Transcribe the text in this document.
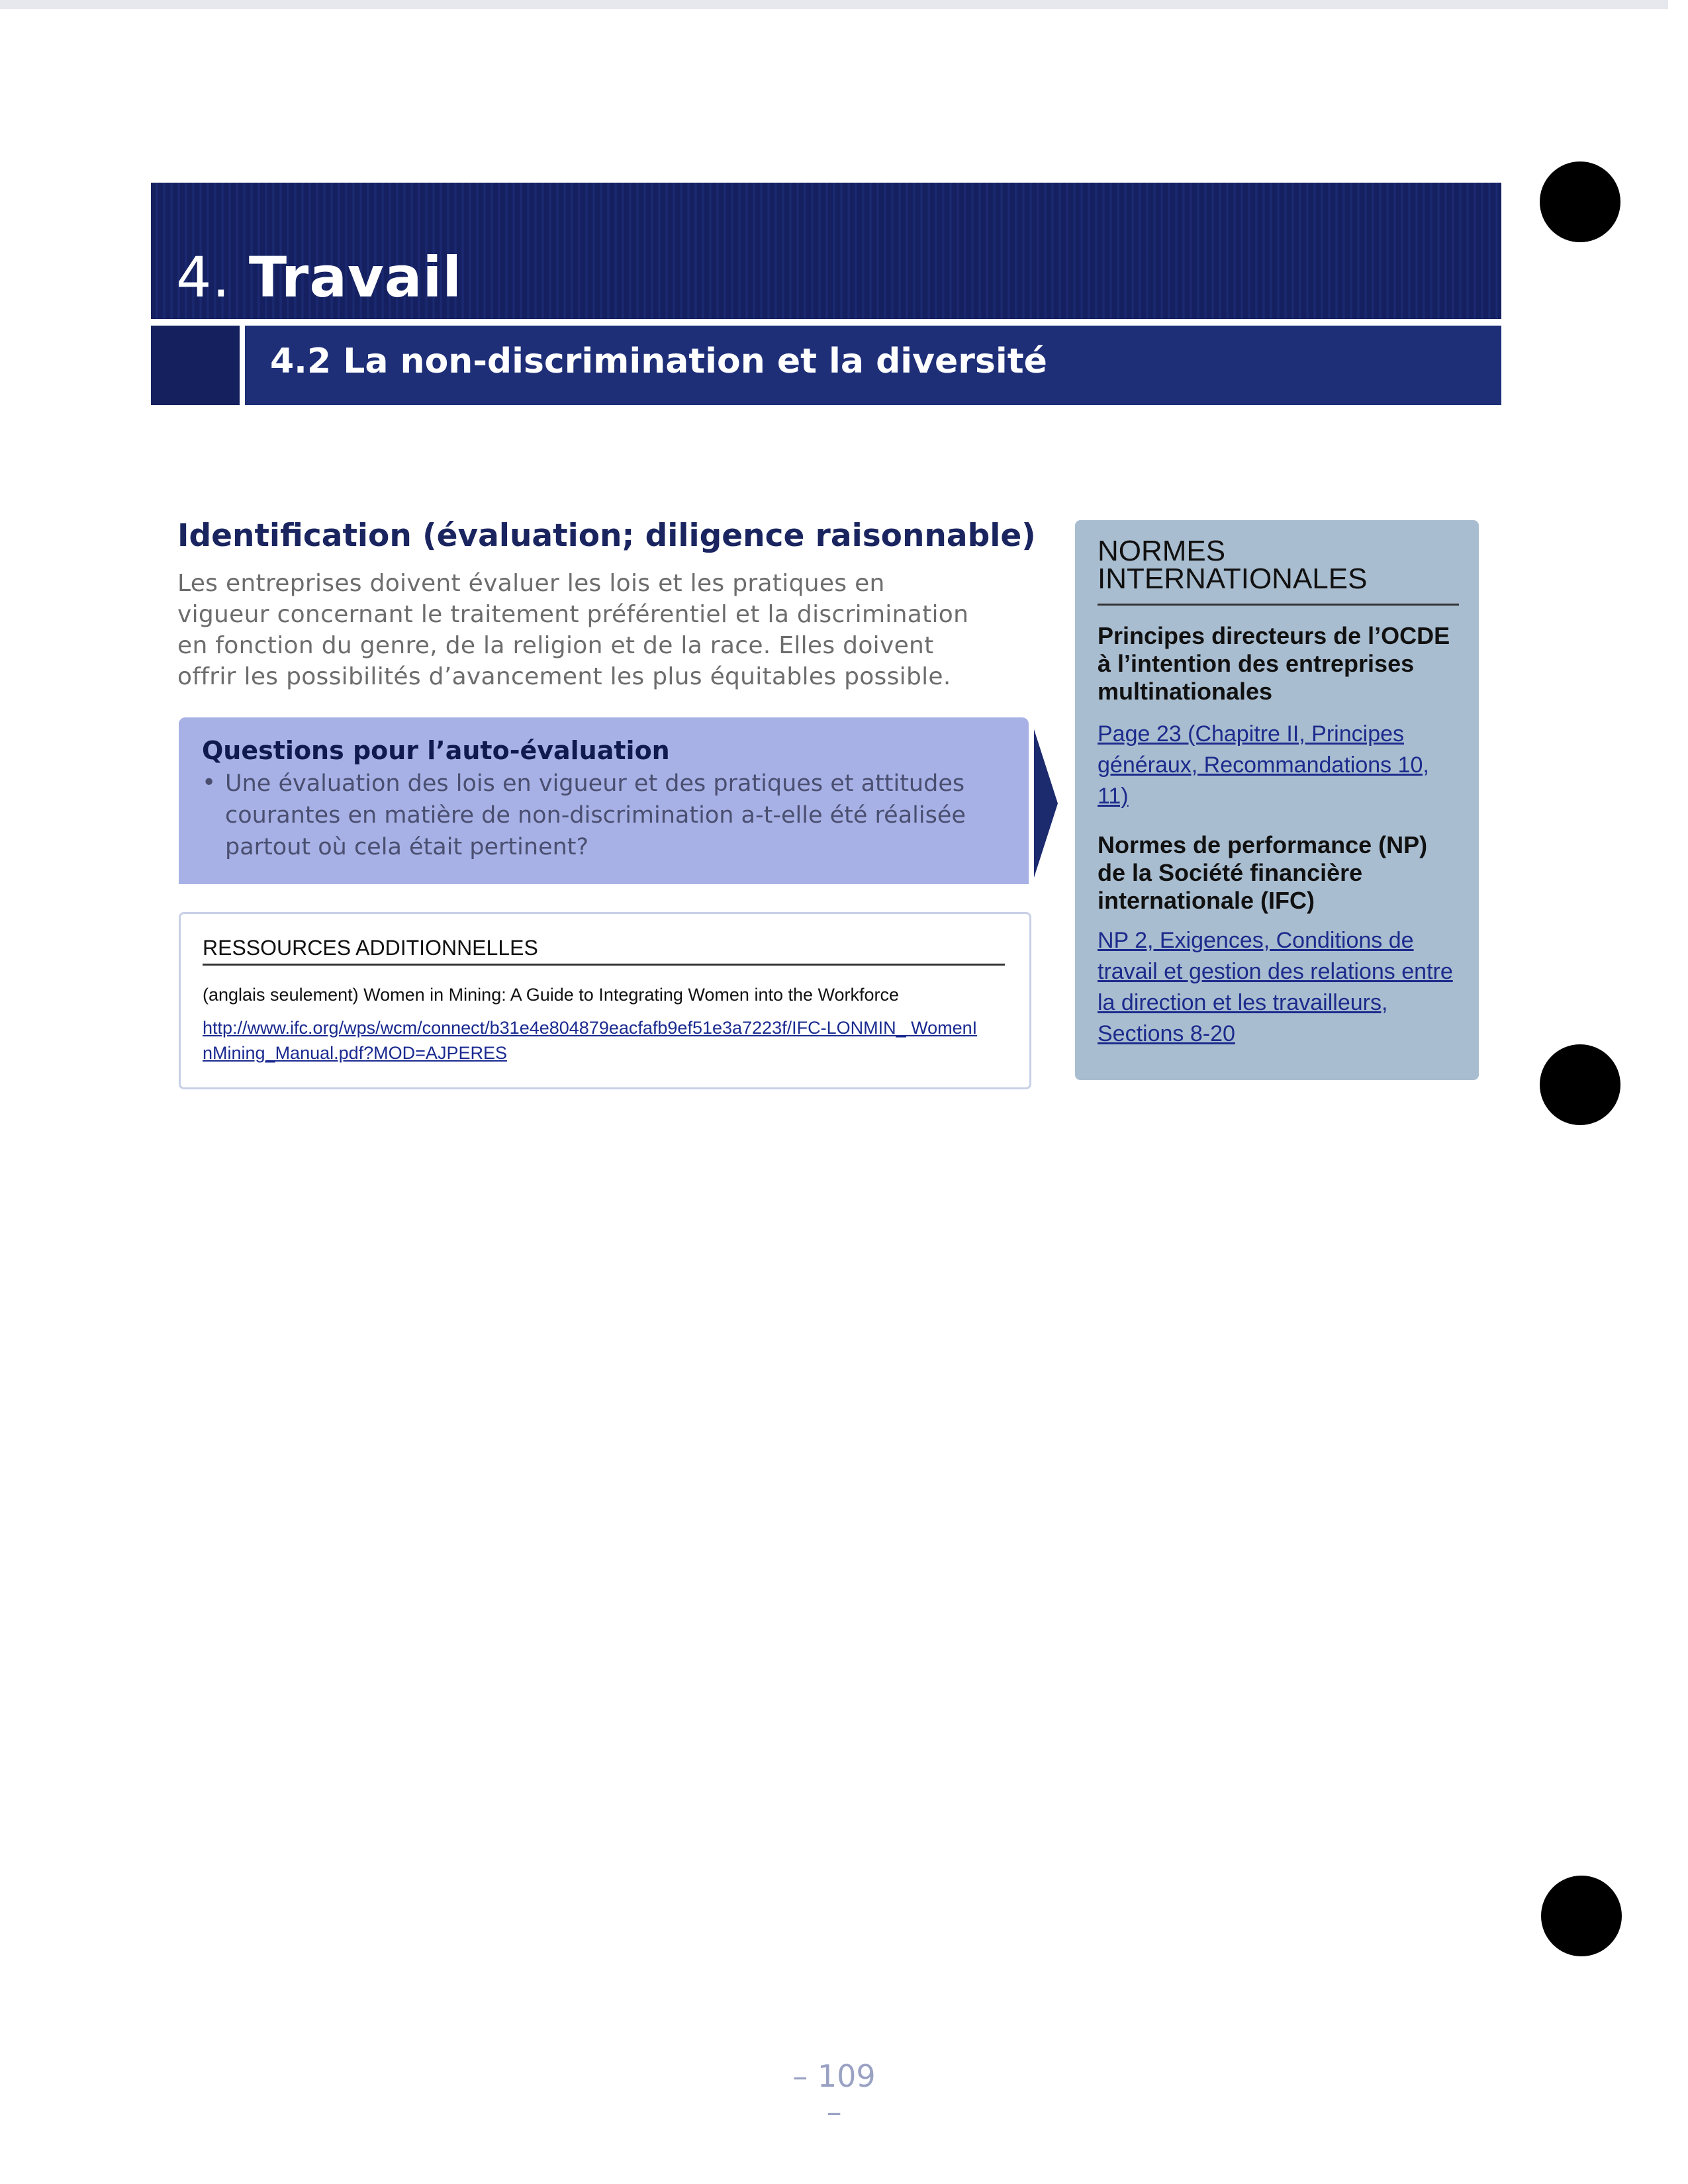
4. Travail
4.2 La non-discrimination et la diversité
Identification (évaluation; diligence raisonnable)
Les entreprises doivent évaluer les lois et les pratiques en vigueur concernant le traitement préférentiel et la discrimination en fonction du genre, de la religion et de la race. Elles doivent offrir les possibilités d’avancement les plus équitables possible.
Questions pour l’auto-évaluation
• Une évaluation des lois en vigueur et des pratiques et attitudes courantes en matière de non-discrimination a-t-elle été réalisée partout où cela était pertinent?
RESSOURCES ADDITIONNELLES
(anglais seulement) Women in Mining: A Guide to Integrating Women into the Workforce
http://www.ifc.org/wps/wcm/connect/b31e4e804879eacfafb9ef51e3a7223f/IFC-LONMIN_ WomenInMining_Manual.pdf?MOD=AJPERES
NORMES INTERNATIONALES
Principes directeurs de l’OCDE à l’intention des entreprises multinationales
Page 23 (Chapitre II, Principes généraux, Recommandations 10, 11)
Normes de performance (NP) de la Société financière internationale (IFC)
NP 2, Exigences, Conditions de travail et gestion des relations entre la direction et les travailleurs, Sections 8-20
– 109 –
